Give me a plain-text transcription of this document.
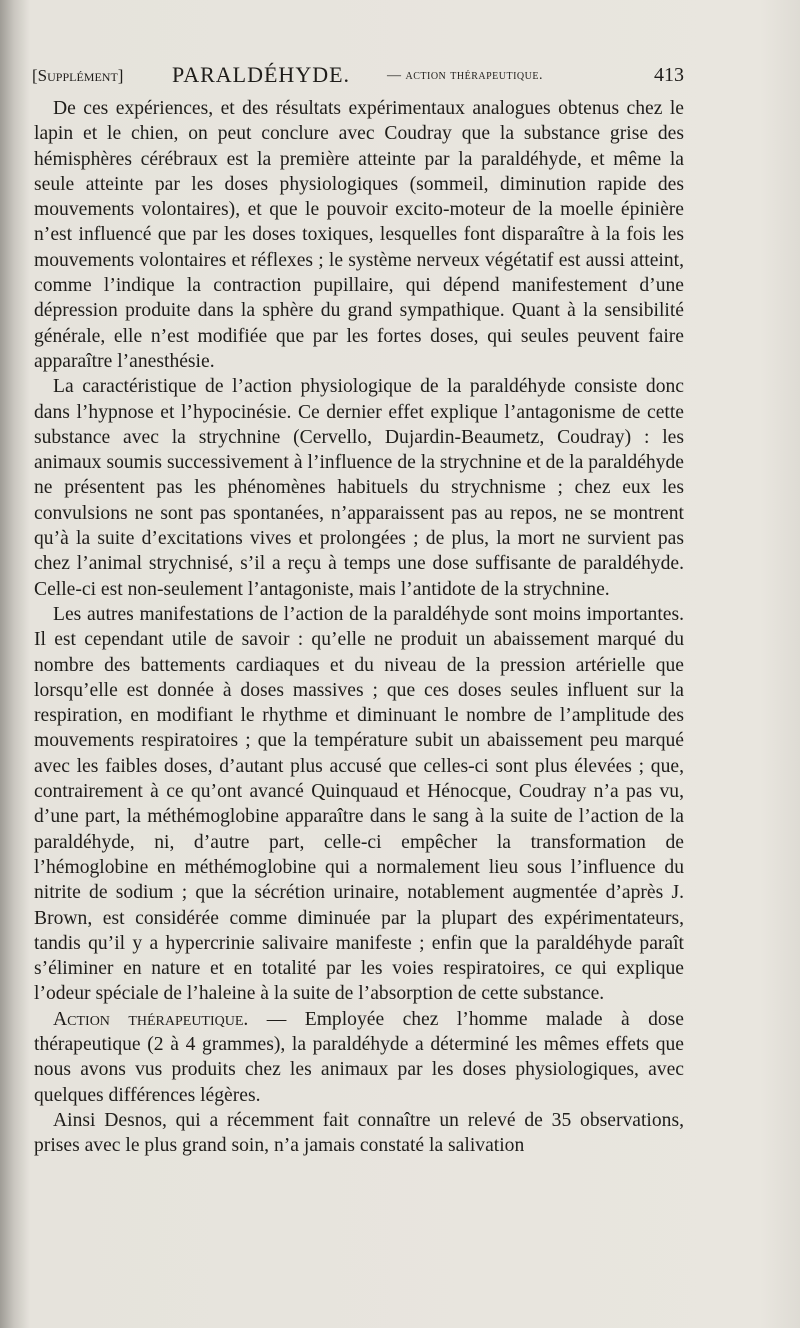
[Supplément] PARALDÉHYDE.	— action thérapeutique.	413

De ces expériences, et des résultats expérimentaux analogues obtenus chez le lapin et le chien, on peut conclure avec Coudray que la substance grise des hémisphères cérébraux est la première atteinte par la paraldéhyde, et même la seule atteinte par les doses physiologiques (sommeil, diminution rapide des mouvements volontaires), et que le pouvoir excito-moteur de la moelle épinière n’est influencé que par les doses toxiques, lesquelles font disparaître à la fois les mouvements volontaires et réflexes ; le système nerveux végétatif est aussi atteint, comme l’indique la contraction pupillaire, qui dépend manifestement d’une dépression produite dans la sphère du grand sympathique. Quant à la sensibilité générale, elle n’est modifiée que par les fortes doses, qui seules peuvent faire apparaître l’anesthésie.

La caractéristique de l’action physiologique de la paraldéhyde consiste donc dans l’hypnose et l’hypocinésie. Ce dernier effet explique l’antagonisme de cette substance avec la strychnine (Cervello, Dujardin-Beaumetz, Coudray) : les animaux soumis successivement à l’influence de la strychnine et de la paraldéhyde ne présentent pas les phénomènes habituels du strychnisme ; chez eux les convulsions ne sont pas spontanées, n’apparaissent pas au repos, ne se montrent qu’à la suite d’excitations vives et prolongées ; de plus, la mort ne survient pas chez l’animal strychnisé, s’il a reçu à temps une dose suffisante de paraldéhyde. Celle-ci est non-seulement l’antagoniste, mais l’antidote de la strychnine.

Les autres manifestations de l’action de la paraldéhyde sont moins importantes. Il est cependant utile de savoir : qu’elle ne produit un abaissement marqué du nombre des battements cardiaques et du niveau de la pression artérielle que lorsqu’elle est donnée à doses massives ; que ces doses seules influent sur la respiration, en modifiant le rhythme et diminuant le nombre de l’amplitude des mouvements respiratoires ; que la température subit un abaissement peu marqué avec les faibles doses, d’autant plus accusé que celles-ci sont plus élevées ; que, contrairement à ce qu’ont avancé Quinquaud et Hénocque, Coudray n’a pas vu, d’une part, la méthémoglobine apparaître dans le sang à la suite de l’action de la paraldéhyde, ni, d’autre part, celle-ci empêcher la transformation de l’hémoglobine en méthémoglobine qui a normalement lieu sous l’influence du nitrite de sodium ; que la sécrétion urinaire, notablement augmentée d’après J. Brown, est considérée comme diminuée par la plupart des expérimentateurs, tandis qu’il y a hypercrinie salivaire manifeste ; enfin que la paraldéhyde paraît s’éliminer en nature et en totalité par les voies respiratoires, ce qui explique l’odeur spéciale de l’haleine à la suite de l’absorption de cette substance.

Action thérapeutique. — Employée chez l’homme malade à dose thérapeutique (2 à 4 grammes), la paraldéhyde a déterminé les mêmes effets que nous avons vus produits chez les animaux par les doses physiologiques, avec quelques différences légères.

Ainsi Desnos, qui a récemment fait connaître un relevé de 35 observations, prises avec le plus grand soin, n’a jamais constaté la salivation
